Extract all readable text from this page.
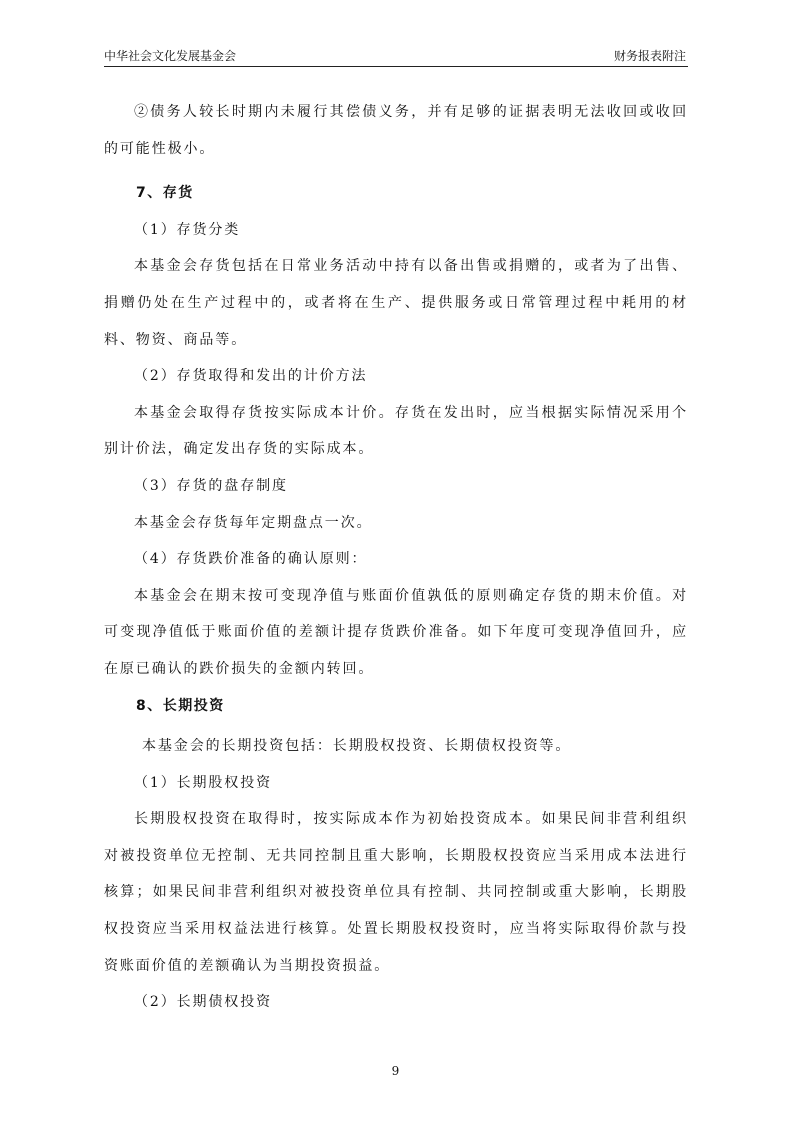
中华社会文化发展基金会	财务报表附注

②债务人较长时期内未履行其偿债义务，并有足够的证据表明无法收回或收回的可能性极小。

7、存货

（1）存货分类

本基金会存货包括在日常业务活动中持有以备出售或捐赠的，或者为了出售、捐赠仍处在生产过程中的，或者将在生产、提供服务或日常管理过程中耗用的材料、物资、商品等。

（2）存货取得和发出的计价方法

本基金会取得存货按实际成本计价。存货在发出时，应当根据实际情况采用个别计价法，确定发出存货的实际成本。

（3）存货的盘存制度

本基金会存货每年定期盘点一次。

（4）存货跌价准备的确认原则：

本基金会在期末按可变现净值与账面价值孰低的原则确定存货的期末价值。对可变现净值低于账面价值的差额计提存货跌价准备。如下年度可变现净值回升，应在原已确认的跌价损失的金额内转回。

8、长期投资

本基金会的长期投资包括：长期股权投资、长期债权投资等。

（1）长期股权投资

长期股权投资在取得时，按实际成本作为初始投资成本。如果民间非营利组织对被投资单位无控制、无共同控制且重大影响，长期股权投资应当采用成本法进行核算；如果民间非营利组织对被投资单位具有控制、共同控制或重大影响，长期股权投资应当采用权益法进行核算。处置长期股权投资时，应当将实际取得价款与投资账面价值的差额确认为当期投资损益。

（2）长期债权投资

9
